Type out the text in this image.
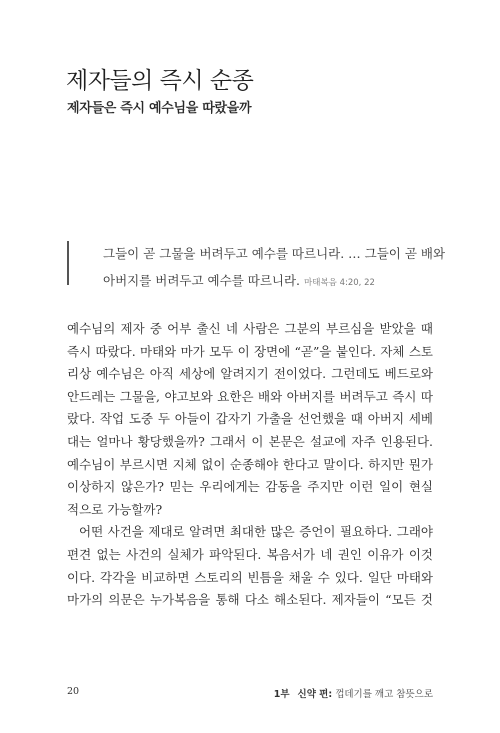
제자들의 즉시 순종
제자들은 즉시 예수님을 따랐을까
그들이 곧 그물을 버려두고 예수를 따르니라. … 그들이 곧 배와
아버지를 버려두고 예수를 따르니라. 마태복음 4:20, 22
예수님의 제자 중 어부 출신 네 사람은 그분의 부르심을 받았을 때
즉시 따랐다. 마태와 마가 모두 이 장면에 “곧”을 붙인다. 자체 스토
리상 예수님은 아직 세상에 알려지기 전이었다. 그런데도 베드로와
안드레는 그물을, 야고보와 요한은 배와 아버지를 버려두고 즉시 따
랐다. 작업 도중 두 아들이 갑자기 가출을 선언했을 때 아버지 세베
대는 얼마나 황당했을까? 그래서 이 본문은 설교에 자주 인용된다.
예수님이 부르시면 지체 없이 순종해야 한다고 말이다. 하지만 뭔가
이상하지 않은가? 믿는 우리에게는 감동을 주지만 이런 일이 현실
적으로 가능할까?
어떤 사건을 제대로 알려면 최대한 많은 증언이 필요하다. 그래야
편견 없는 사건의 실체가 파악된다. 복음서가 네 권인 이유가 이것
이다. 각각을 비교하면 스토리의 빈틈을 채울 수 있다. 일단 마태와
마가의 의문은 누가복음을 통해 다소 해소된다. 제자들이 “모든 것
20	1부 신약 편: 껍데기를 깨고 참뜻으로
